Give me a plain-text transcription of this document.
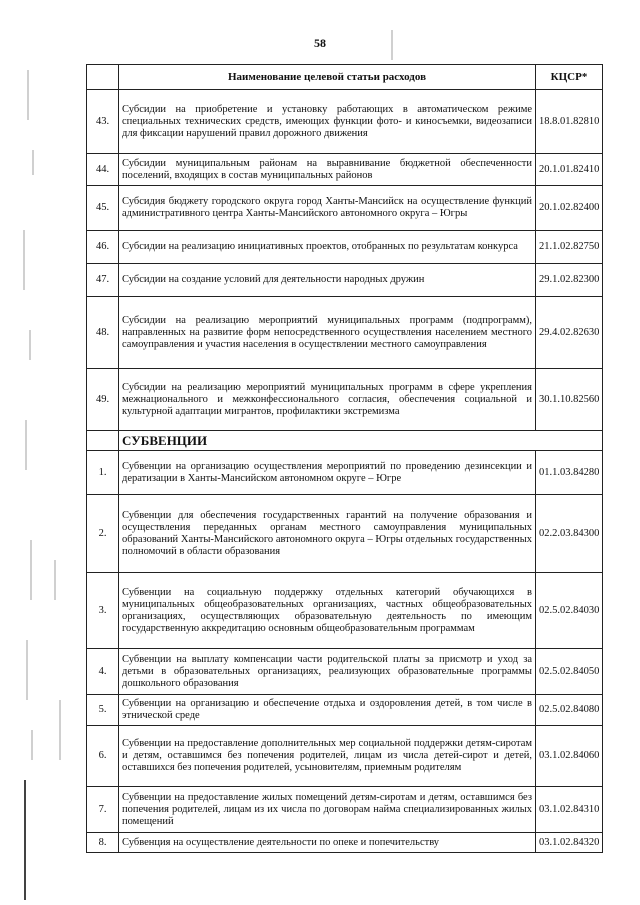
58
	Наименование целевой статьи расходов	КЦСР*
43.	Субсидии на приобретение и установку работающих в автоматическом режиме специальных технических средств, имеющих функции фото- и киносъемки, видеозаписи для фиксации нарушений правил дорожного движения	18.8.01.82810
44.	Субсидии муниципальным районам на выравнивание бюджетной обеспеченности поселений, входящих в состав муниципальных районов	20.1.01.82410
45.	Субсидия бюджету городского округа город Ханты-Мансийск на осуществление функций административного центра Ханты-Мансийского автономного округа – Югры	20.1.02.82400
46.	Субсидии на реализацию инициативных проектов, отобранных по результатам конкурса	21.1.02.82750
47.	Субсидии на создание условий для деятельности народных дружин	29.1.02.82300
48.	Субсидии на реализацию мероприятий муниципальных программ (подпрограмм), направленных на развитие форм непосредственного осуществления населением местного самоуправления и участия населения в осуществлении местного самоуправления	29.4.02.82630
49.	Субсидии на реализацию мероприятий муниципальных программ в сфере укрепления межнационального и межконфессионального согласия, обеспечения социальной и культурной адаптации мигрантов, профилактики экстремизма	30.1.10.82560
	СУБВЕНЦИИ	
1.	Субвенции на организацию осуществления мероприятий по проведению дезинсекции и дератизации в Ханты-Мансийском автономном округе – Югре	01.1.03.84280
2.	Субвенции для обеспечения государственных гарантий на получение образования и осуществления переданных органам местного самоуправления муниципальных образований Ханты-Мансийского автономного округа – Югры отдельных государственных полномочий в области образования	02.2.03.84300
3.	Субвенции на социальную поддержку отдельных категорий обучающихся в муниципальных общеобразовательных организациях, частных общеобразовательных организациях, осуществляющих образовательную деятельность по имеющим государственную аккредитацию основным общеобразовательным программам	02.5.02.84030
4.	Субвенции на выплату компенсации части родительской платы за присмотр и уход за детьми в образовательных организациях, реализующих образовательные программы дошкольного образования	02.5.02.84050
5.	Субвенции на организацию и обеспечение отдыха и оздоровления детей, в том числе в этнической среде	02.5.02.84080
6.	Субвенции на предоставление дополнительных мер социальной поддержки детям-сиротам и детям, оставшимся без попечения родителей, лицам из числа детей-сирот и детей, оставшихся без попечения родителей, усыновителям, приемным родителям	03.1.02.84060
7.	Субвенции на предоставление жилых помещений детям-сиротам и детям, оставшимся без попечения родителей, лицам из их числа по договорам найма специализированных жилых помещений	03.1.02.84310
8.	Субвенция на осуществление деятельности по опеке и попечительству	03.1.02.84320
